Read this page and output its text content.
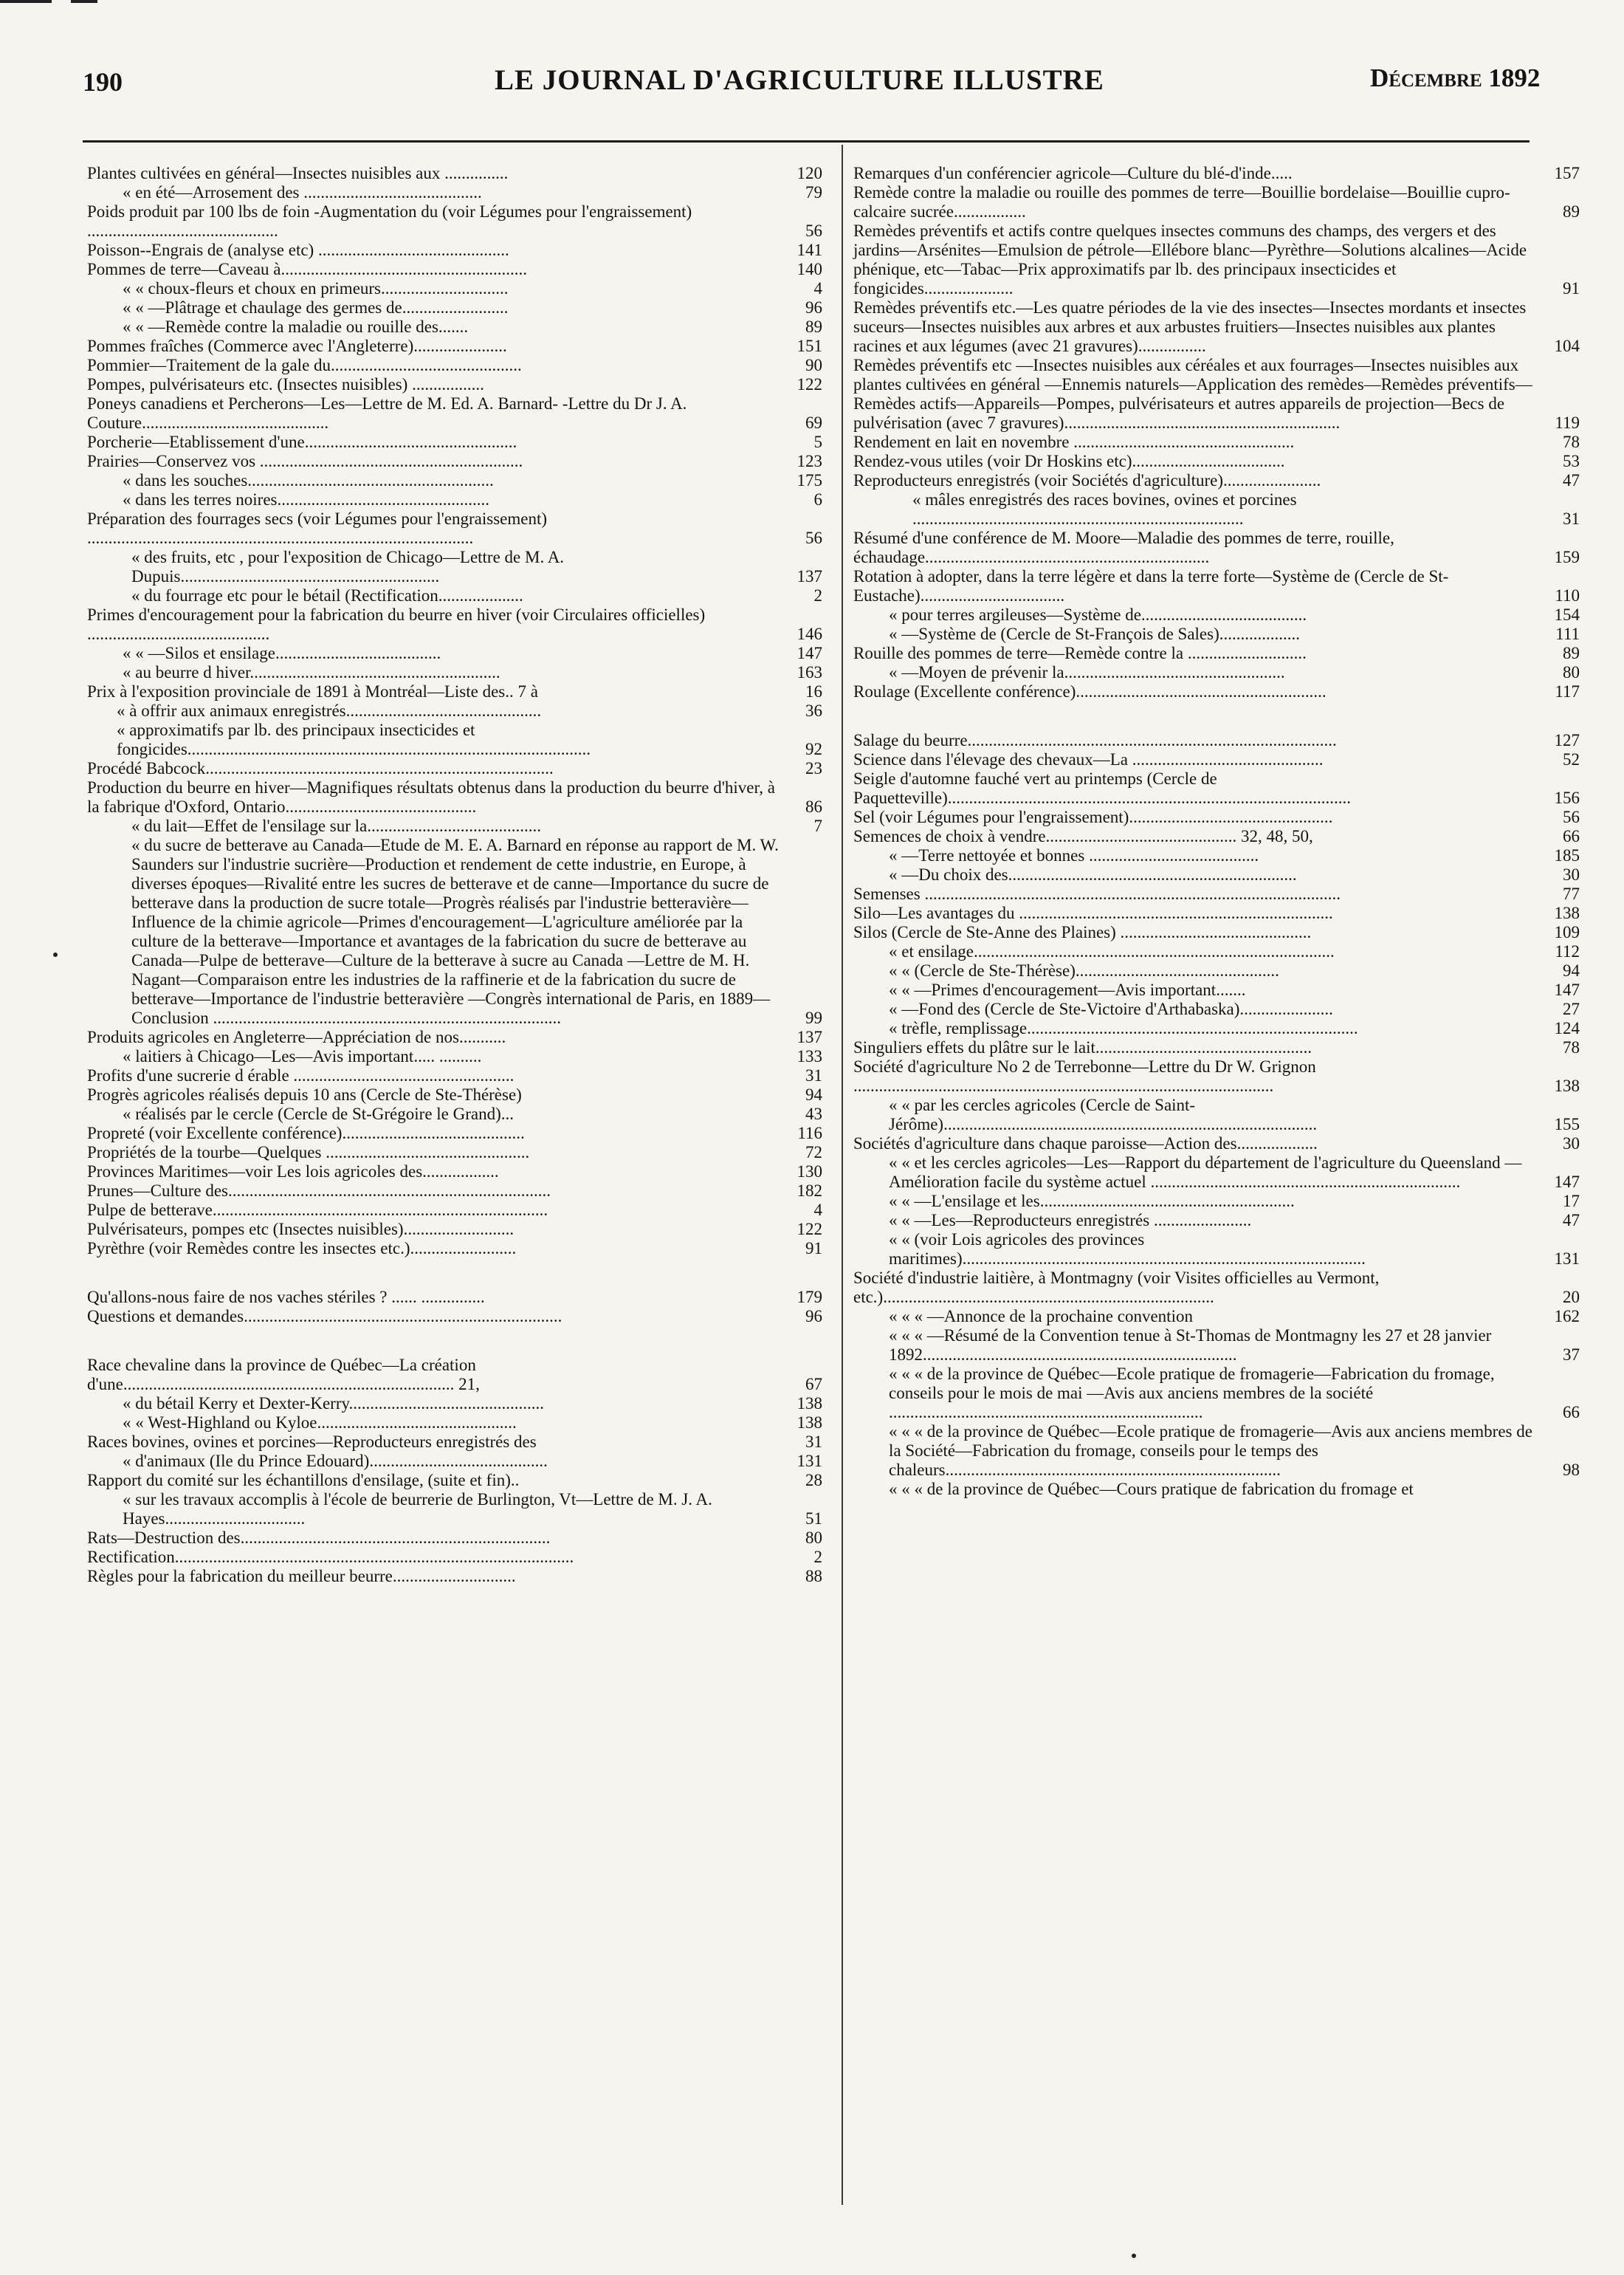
190	LE JOURNAL D'AGRICULTURE ILLUSTRE	Décembre 1892
Plantes cultivées en général—Insectes nuisibles aux ...............	120
« en été—Arrosement des ..........................................	79
Poids produit par 100 lbs de foin -Augmentation du (voir Légumes pour l'engraissement) .............................................	56
Poisson--Engrais de (analyse etc) .............................................	141
Pommes de terre—Caveau à..........................................................	140
« « choux-fleurs et choux en primeurs..............................	4
« « —Plâtrage et chaulage des germes de.........................	96
« « —Remède contre la maladie ou rouille des.......	89
Pommes fraîches (Commerce avec l'Angleterre)......................	151
Pommier—Traitement de la gale du.............................................	90
Pompes, pulvérisateurs etc. (Insectes nuisibles) .................	122
Poneys canadiens et Percherons—Les—Lettre de M. Ed. A. Barnard- -Lettre du Dr J. A. Couture............................................	69
Porcherie—Etablissement d'une..................................................	5
Prairies—Conservez vos ..............................................................	123
« dans les souches..........................................................	175
« dans les terres noires..................................................	6
Préparation des fourrages secs (voir Légumes pour l'engraissement) ...........................................................................................	56
« des fruits, etc , pour l'exposition de Chicago—Lettre de M. A. Dupuis.............................................................	137
« du fourrage etc pour le bétail (Rectification....................	2
Primes d'encouragement pour la fabrication du beurre en hiver (voir Circulaires officielles) ...........................................	146
« « —Silos et ensilage.......................................	147
« au beurre d hiver...........................................................	163
Prix à l'exposition provinciale de 1891 à Montréal—Liste des.. 7 à	16
« à offrir aux animaux enregistrés..............................................	36
« approximatifs par lb. des principaux insecticides et fongicides...............................................................................................	92
Procédé Babcock..................................................................................	23
Production du beurre en hiver—Magnifiques résultats obtenus dans la production du beurre d'hiver, à la fabrique d'Oxford, Ontario.............................................	86
« du lait—Effet de l'ensilage sur la.........................................	7
« du sucre de betterave au Canada—Etude de M. E. A. Barnard en réponse au rapport de M. W. Saunders sur l'industrie sucrière—Production et rendement de cette industrie, en Europe, à diverses époques—Rivalité entre les sucres de betterave et de canne—Importance du sucre de betterave dans la production de sucre totale—Progrès réalisés par l'industrie betteravière—Influence de la chimie agricole—Primes d'encouragement—L'agriculture améliorée par la culture de la betterave—Importance et avantages de la fabrication du sucre de betterave au Canada—Pulpe de betterave—Culture de la betterave à sucre au Canada —Lettre de M. H. Nagant—Comparaison entre les industries de la raffinerie et de la fabrication du sucre de betterave—Importance de l'industrie betteravière —Congrès international de Paris, en 1889—Conclusion ..................................................................................	99
Produits agricoles en Angleterre—Appréciation de nos...........	137
« laitiers à Chicago—Les—Avis important..... ..........	133
Profits d'une sucrerie d érable ....................................................	31
Progrès agricoles réalisés depuis 10 ans (Cercle de Ste-Thérèse)	94
« réalisés par le cercle (Cercle de St-Grégoire le Grand)...	43
Propreté (voir Excellente conférence)...........................................	116
Propriétés de la tourbe—Quelques ................................................	72
Provinces Maritimes—voir Les lois agricoles des..................	130
Prunes—Culture des............................................................................	182
Pulpe de betterave...............................................................................	4
Pulvérisateurs, pompes etc (Insectes nuisibles)..........................	122
Pyrèthre (voir Remèdes contre les insectes etc.).........................	91
Qu'allons-nous faire de nos vaches stériles ? ...... ...............	179
Questions et demandes...........................................................................	96
Race chevaline dans la province de Québec—La création d'une.............................................................................. 21,	67
« du bétail Kerry et Dexter-Kerry..............................................	138
« « West-Highland ou Kyloe...............................................	138
Races bovines, ovines et porcines—Reproducteurs enregistrés des	31
« d'animaux (Ile du Prince Edouard)..........................................	131
Rapport du comité sur les échantillons d'ensilage, (suite et fin)..	28
« sur les travaux accomplis à l'école de beurrerie de Burlington, Vt—Lettre de M. J. A. Hayes.................................	51
Rats—Destruction des.........................................................................	80
Rectification..............................................................................................	2
Règles pour la fabrication du meilleur beurre.............................	88
Remarques d'un conférencier agricole—Culture du blé-d'inde.....	157
Remède contre la maladie ou rouille des pommes de terre—Bouillie bordelaise—Bouillie cupro-calcaire sucrée.................	89
Remèdes préventifs et actifs contre quelques insectes communs des champs, des vergers et des jardins—Arsénites—Emulsion de pétrole—Ellébore blanc—Pyrèthre—Solutions alcalines—Acide phénique, etc—Tabac—Prix approximatifs par lb. des principaux insecticides et fongicides.....................	91
Remèdes préventifs etc.—Les quatre périodes de la vie des insectes—Insectes mordants et insectes suceurs—Insectes nuisibles aux arbres et aux arbustes fruitiers—Insectes nuisibles aux plantes racines et aux légumes (avec 21 gravures)................	104
Remèdes préventifs etc —Insectes nuisibles aux céréales et aux fourrages—Insectes nuisibles aux plantes cultivées en général —Ennemis naturels—Application des remèdes—Remèdes préventifs—Remèdes actifs—Appareils—Pompes, pulvérisateurs et autres appareils de projection—Becs de pulvérisation (avec 7 gravures).................................................................	119
Rendement en lait en novembre ....................................................	78
Rendez-vous utiles (voir Dr Hoskins etc)....................................	53
Reproducteurs enregistrés (voir Sociétés d'agriculture).......................	47
« mâles enregistrés des races bovines, ovines et porcines ..............................................................................	31
Résumé d'une conférence de M. Moore—Maladie des pommes de terre, rouille, échaudage...................................................................	159
Rotation à adopter, dans la terre légère et dans la terre forte—Système de (Cercle de St-Eustache)..................................	110
« pour terres argileuses—Système de.......................................	154
« —Système de (Cercle de St-François de Sales)...................	111
Rouille des pommes de terre—Remède contre la ............................	89
« —Moyen de prévenir la....................................................	80
Roulage (Excellente conférence)...........................................................	117
Salage du beurre.......................................................................................	127
Science dans l'élevage des chevaux—La .............................................	52
Seigle d'automne fauché vert au printemps (Cercle de Paquetteville)...............................................................................................	156
Sel (voir Légumes pour l'engraissement)................................................	56
Semences de choix à vendre............................................. 32, 48, 50,	66
« —Terre nettoyée et bonnes ........................................	185
« —Du choix des....................................................................	30
Semenses ..................................................................................................	77
Silo—Les avantages du ..........................................................................	138
Silos (Cercle de Ste-Anne des Plaines) .............................................	109
« et ensilage.....................................................................................	112
« « (Cercle de Ste-Thérèse)................................................	94
« « —Primes d'encouragement—Avis important.......	147
« —Fond des (Cercle de Ste-Victoire d'Arthabaska)......................	27
« trèfle, remplissage..............................................................................	124
Singuliers effets du plâtre sur le lait...................................................	78
Société d'agriculture No 2 de Terrebonne—Lettre du Dr W. Grignon ...................................................................................................	138
« « par les cercles agricoles (Cercle de Saint-Jérôme)........................................................................................	155
Sociétés d'agriculture dans chaque paroisse—Action des...................	30
« « et les cercles agricoles—Les—Rapport du département de l'agriculture du Queensland — Amélioration facile du système actuel .........................................................................	147
« « —L'ensilage et les............................................................	17
« « —Les—Reproducteurs enregistrés .......................	47
« « (voir Lois agricoles des provinces maritimes)...............................................................................................	131
Société d'industrie laitière, à Montmagny (voir Visites officielles au Vermont, etc.)..............................................................................	20
« « « —Annonce de la prochaine convention	162
« « « —Résumé de la Convention tenue à St-Thomas de Montmagny les 27 et 28 janvier 1892..........................................................................	37
« « « de la province de Québec—Ecole pratique de fromagerie—Fabrication du fromage, conseils pour le mois de mai —Avis aux anciens membres de la société ..........................................................................	66
« « « de la province de Québec—Ecole pratique de fromagerie—Avis aux anciens membres de la Société—Fabrication du fromage, conseils pour le temps des chaleurs...............................................................................	98
« « « de la province de Québec—Cours pratique de fabrication du fromage et
